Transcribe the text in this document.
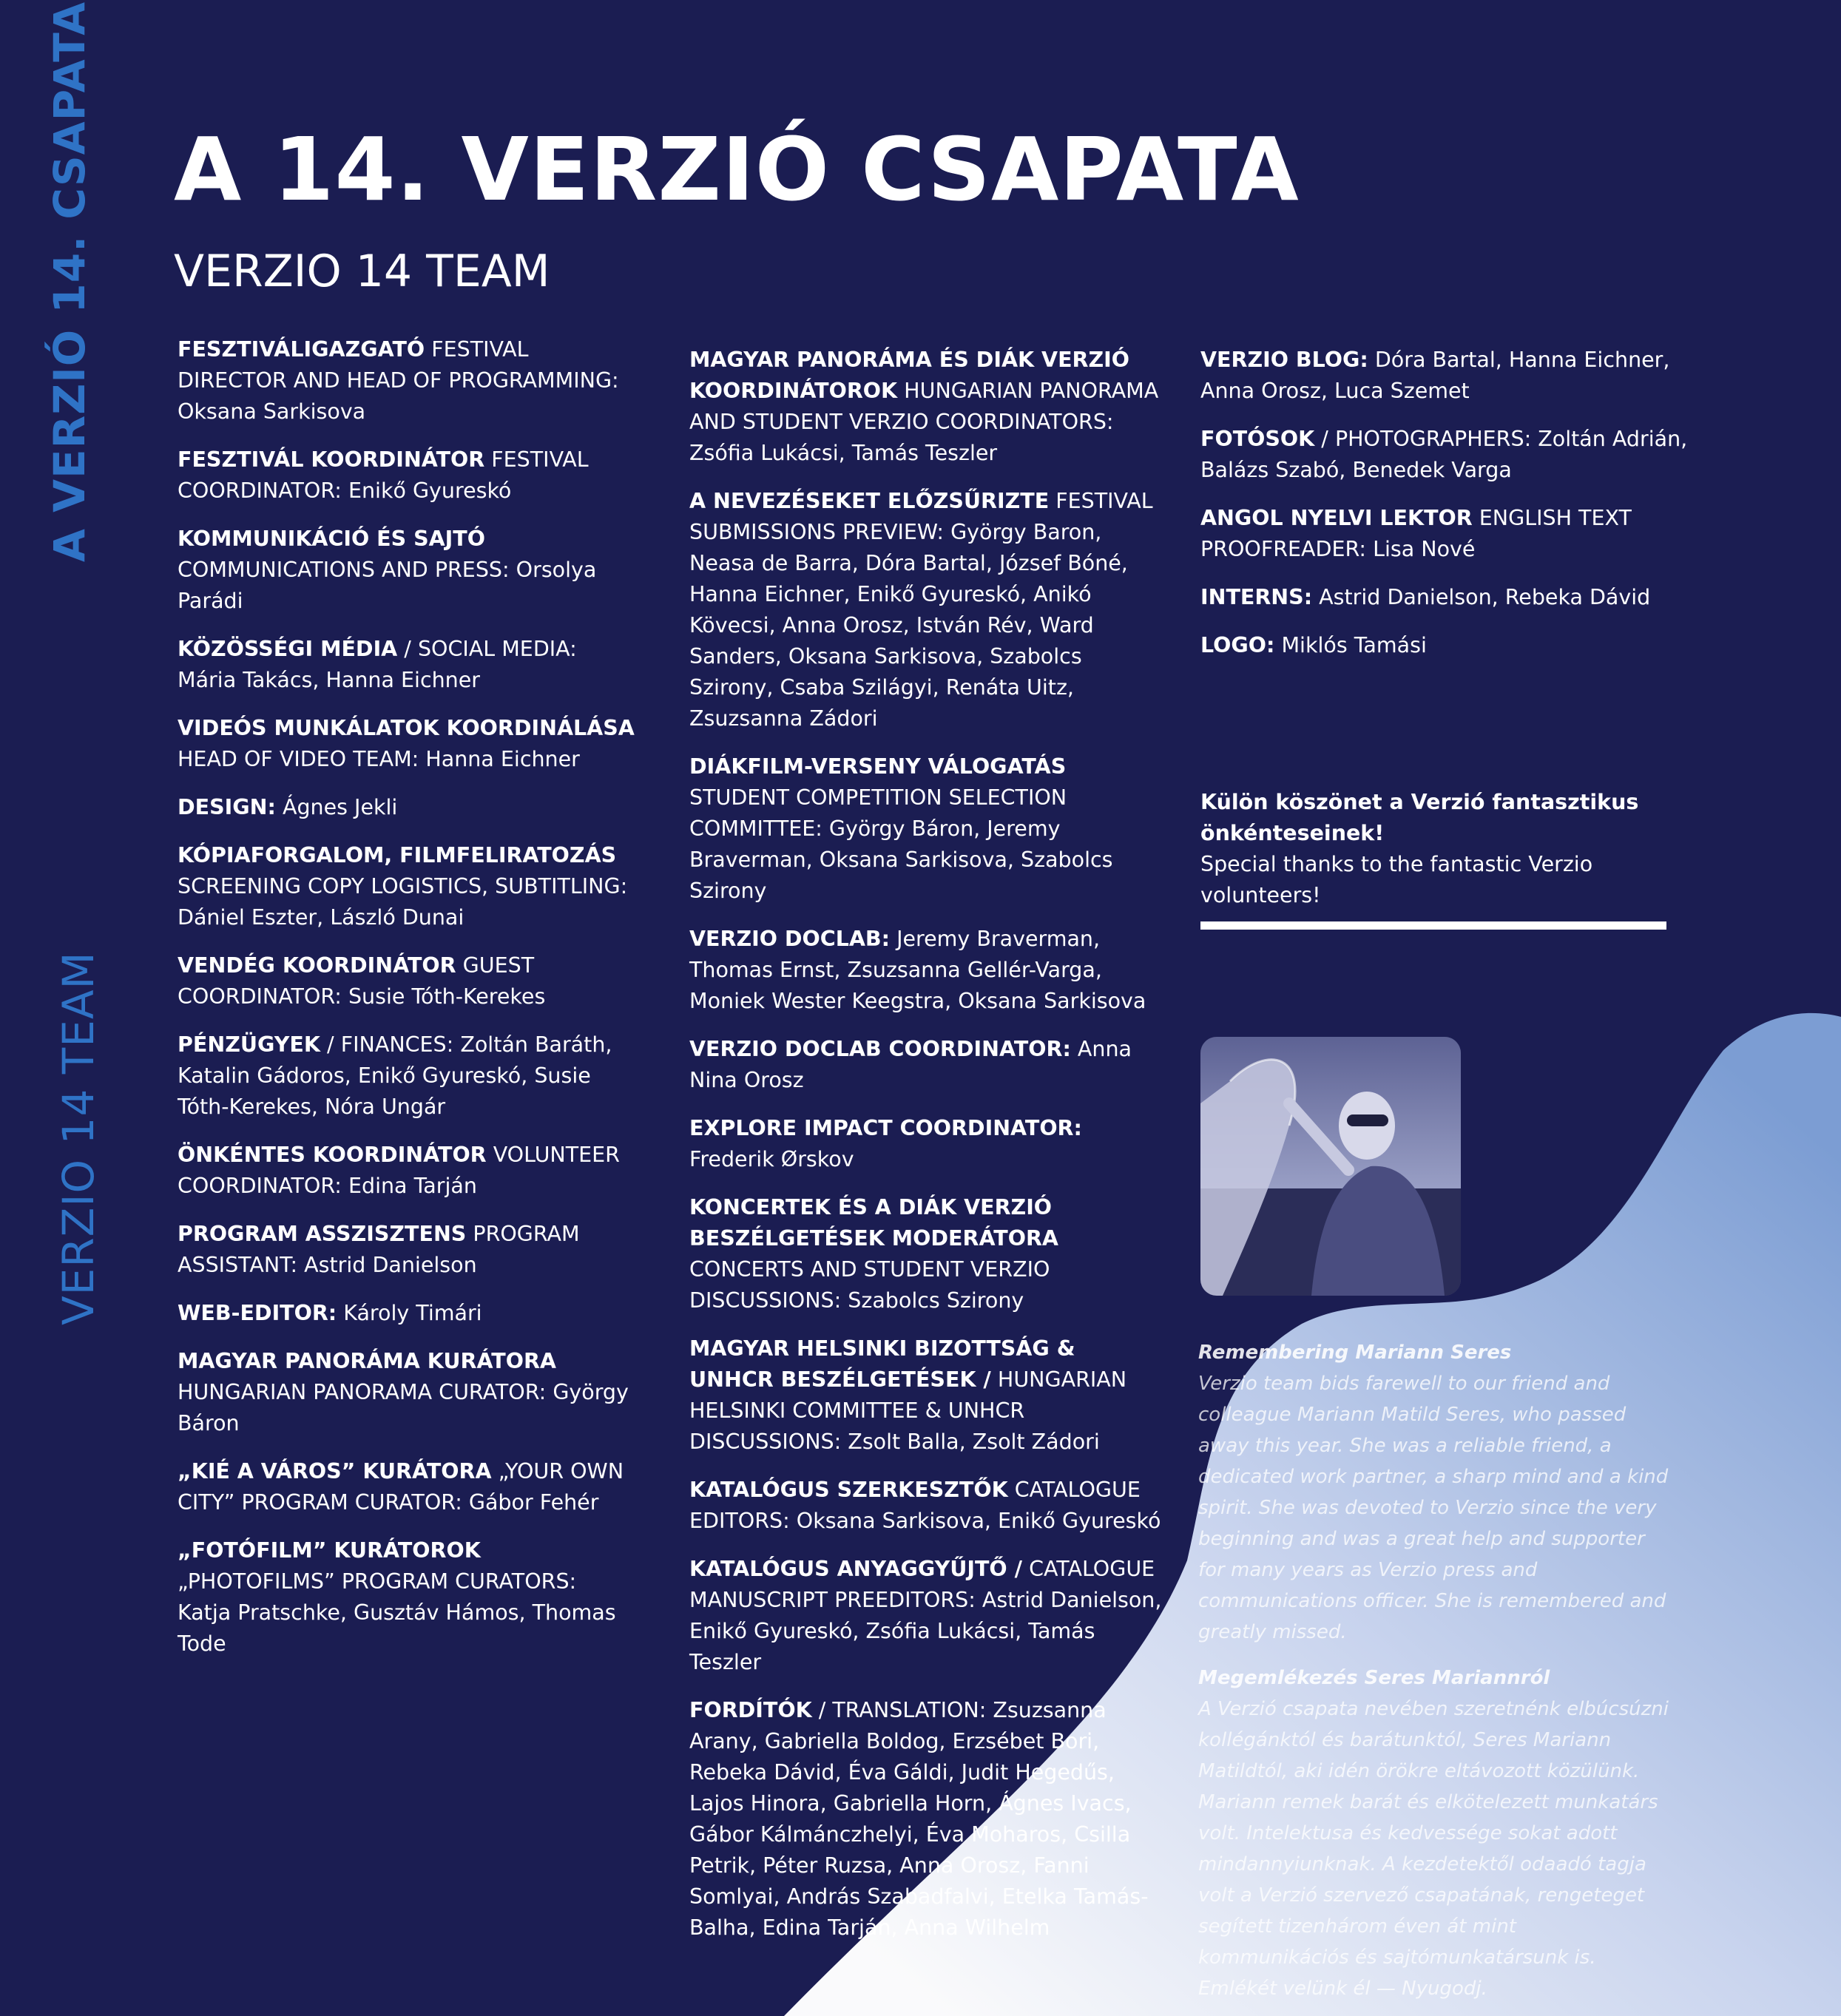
A VERZIÓ 14. CSAPATA
VERZIO 14 TEAM
A 14. VERZIÓ CSAPATA
VERZIO 14 TEAM
FESZTIVÁLIGAZGATÓ FESTIVAL DIRECTOR AND HEAD OF PROGRAMMING: Oksana Sarkisova
FESZTIVÁL KOORDINÁTOR FESTIVAL COORDINATOR: Enikő Gyureskó
KOMMUNIKÁCIÓ ÉS SAJTÓ COMMUNICATIONS AND PRESS: Orsolya Parádi
KÖZÖSSÉGI MÉDIA / SOCIAL MEDIA: Mária Takács, Hanna Eichner
VIDEÓS MUNKÁLATOK KOORDINÁLÁSA HEAD OF VIDEO TEAM: Hanna Eichner
DESIGN: Ágnes Jekli
KÓPIAFORGALOM, FILMFELIRATOZÁS SCREENING COPY LOGISTICS, SUBTITLING: Dániel Eszter, László Dunai
VENDÉG KOORDINÁTOR GUEST COORDINATOR: Susie Tóth-Kerekes
PÉNZÜGYEK / FINANCES: Zoltán Baráth, Katalin Gádoros, Enikő Gyureskó, Susie Tóth-Kerekes, Nóra Ungár
ÖNKÉNTES KOORDINÁTOR VOLUNTEER COORDINATOR: Edina Tarján
PROGRAM ASSZISZTENS PROGRAM ASSISTANT: Astrid Danielson
WEB-EDITOR: Károly Timári
MAGYAR PANORÁMA KURÁTORA HUNGARIAN PANORAMA CURATOR: György Báron
„KIÉ A VÁROS” KURÁTORA „YOUR OWN CITY” PROGRAM CURATOR: Gábor Fehér
„FOTÓFILM” KURÁTOROK „PHOTOFILMS” PROGRAM CURATORS: Katja Pratschke, Gusztáv Hámos, Thomas Tode
MAGYAR PANORÁMA ÉS DIÁK VERZIÓ KOORDINÁTOROK HUNGARIAN PANORAMA AND STUDENT VERZIO COORDINATORS: Zsófia Lukácsi, Tamás Teszler
A NEVEZÉSEKET ELŐZSŰRIZTE FESTIVAL SUBMISSIONS PREVIEW: György Baron, Neasa de Barra, Dóra Bartal, József Bóné, Hanna Eichner, Enikő Gyureskó, Anikó Kövecsi, Anna Orosz, István Rév, Ward Sanders, Oksana Sarkisova, Szabolcs Szirony, Csaba Szilágyi, Renáta Uitz, Zsuzsanna Zádori
DIÁKFILM-VERSENY VÁLOGATÁS STUDENT COMPETITION SELECTION COMMITTEE: György Báron, Jeremy Braverman, Oksana Sarkisova, Szabolcs Szirony
VERZIO DOCLAB: Jeremy Braverman, Thomas Ernst, Zsuzsanna Gellér-Varga, Moniek Wester Keegstra, Oksana Sarkisova
VERZIO DOCLAB COORDINATOR: Anna Nina Orosz
EXPLORE IMPACT COORDINATOR: Frederik Ørskov
KONCERTEK ÉS A DIÁK VERZIÓ BESZÉLGETÉSEK MODERÁTORA CONCERTS AND STUDENT VERZIO DISCUSSIONS: Szabolcs Szirony
MAGYAR HELSINKI BIZOTTSÁG & UNHCR BESZÉLGETÉSEK / HUNGARIAN HELSINKI COMMITTEE & UNHCR DISCUSSIONS: Zsolt Balla, Zsolt Zádori
KATALÓGUS SZERKESZTŐK CATALOGUE EDITORS: Oksana Sarkisova, Enikő Gyureskó
KATALÓGUS ANYAGGYŰJTŐ / CATALOGUE MANUSCRIPT PREEDITORS: Astrid Danielson, Enikő Gyureskó, Zsófia Lukácsi, Tamás Teszler
FORDÍTÓK / TRANSLATION: Zsuzsanna Arany, Gabriella Boldog, Erzsébet Bori, Rebeka Dávid, Éva Gáldi, Judit Hegedűs, Lajos Hinora, Gabriella Horn, Ágnes Ivacs, Gábor Kálmánczhelyi, Éva Moharos, Csilla Petrik, Péter Ruzsa, Anna Orosz, Fanni Somlyai, András Szabadfalvi, Etelka Tamás-Balha, Edina Tarján, Anna Wilhelm
VERZIO BLOG: Dóra Bartal, Hanna Eichner, Anna Orosz, Luca Szemet
FOTÓSOK / PHOTOGRAPHERS: Zoltán Adrián, Balázs Szabó, Benedek Varga
ANGOL NYELVI LEKTOR ENGLISH TEXT PROOFREADER: Lisa Nové
INTERNS: Astrid Danielson, Rebeka Dávid
LOGO: Miklós Tamási
Külön köszönet a Verzió fantasztikus önkénteseinek!
Special thanks to the fantastic Verzio volunteers!
Remembering Mariann Seres
Verzio team bids farewell to our friend and colleague Mariann Matild Seres, who passed away this year. She was a reliable friend, a dedicated work partner, a sharp mind and a kind spirit. She was devoted to Verzio since the very beginning and was a great help and supporter for many years as Verzio press and communications officer. She is remembered and greatly missed.
Megemlékezés Seres Mariannról
A Verzió csapata nevében szeretnénk elbúcsúzni kollégánktól és barátunktól, Seres Mariann Matildtól, aki idén örökre eltávozott közülünk. Mariann remek barát és elkötelezett munkatárs volt. Intelektusa és kedvessége sokat adott mindannyiunknak. A kezdetektől odaadó tagja volt a Verzió szervező csapatának, rengeteget segített tizenhárom éven át mint kommunikációs és sajtómunkatársunk is. Emlékét velünk él — Nyugodj.
